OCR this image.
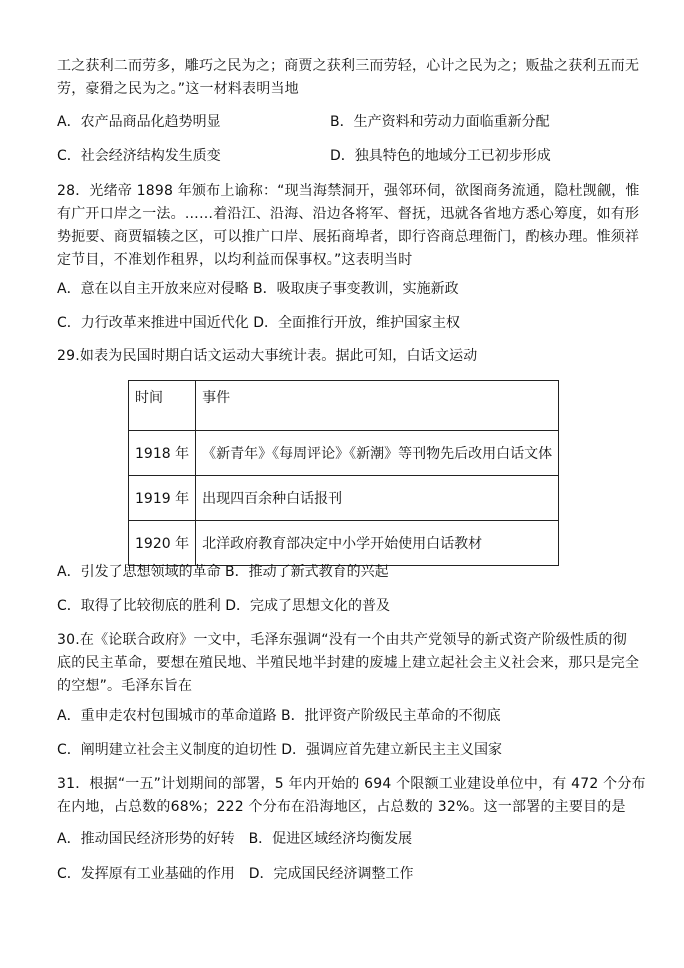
工之获利二而劳多，雕巧之民为之；商贾之获利三而劳轻，心计之民为之；贩盐之获利五而无
劳，豪猾之民为之。”这一材料表明当地
A．农产品商品化趋势明显	B．生产资料和劳动力面临重新分配
C．社会经济结构发生质变	D．独具特色的地域分工已初步形成
28．光绪帝 1898 年颁布上谕称：“现当海禁洞开，强邻环伺，欲图商务流通，隐杜觊觎，惟
有广开口岸之一法。……着沿江、沿海、沿边各将军、督抚，迅就各省地方悉心筹度，如有形
势扼要、商贾辐辏之区，可以推广口岸、展拓商埠者，即行咨商总理衙门，酌核办理。惟须祥
定节目，不准划作租界，以均利益而保事权。”这表明当时
A．意在以自主开放来应对侵略 B．吸取庚子事变教训，实施新政
C．力行改革来推进中国近代化 D．全面推行开放，维护国家主权
29.如表为民国时期白话文运动大事统计表。据此可知，白话文运动
时间	事件
1918 年	《新青年》《每周评论》《新潮》等刊物先后改用白话文体
1919 年	出现四百余种白话报刊
1920 年	北洋政府教育部决定中小学开始使用白话教材
A．引发了思想领域的革命 B．推动了新式教育的兴起
C．取得了比较彻底的胜利 D．完成了思想文化的普及
30.在《论联合政府》一文中，毛泽东强调“没有一个由共产党领导的新式资产阶级性质的彻
底的民主革命，要想在殖民地、半殖民地半封建的废墟上建立起社会主义社会来，那只是完全
的空想”。毛泽东旨在
A．重申走农村包围城市的革命道路 B．批评资产阶级民主革命的不彻底
C．阐明建立社会主义制度的迫切性 D．强调应首先建立新民主主义国家
31．根据“一五”计划期间的部署，5 年内开始的 694 个限额工业建设单位中，有 472 个分布
在内地，占总数的68%；222 个分布在沿海地区，占总数的 32%。这一部署的主要目的是
A．推动国民经济形势的好转　B．促进区域经济均衡发展
C．发挥原有工业基础的作用　D．完成国民经济调整工作
